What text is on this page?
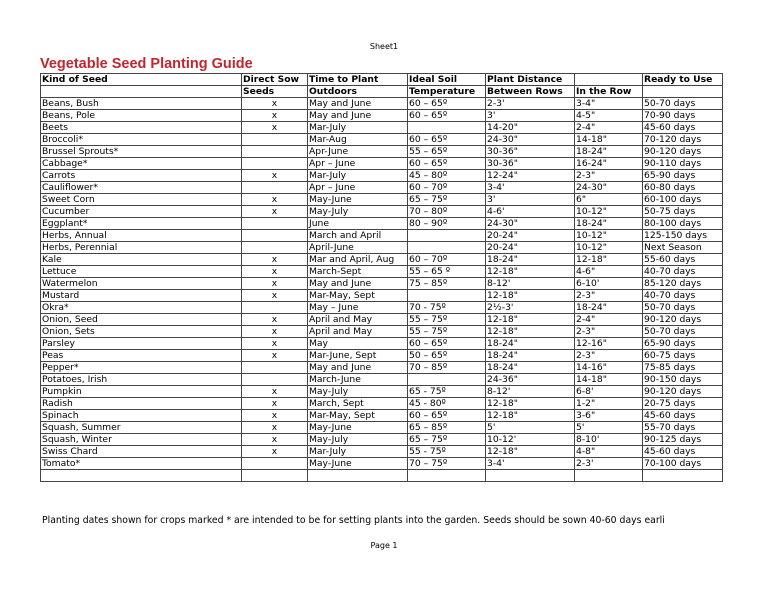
Sheet1
Vegetable Seed Planting Guide
Kind of Seed	Direct Sow	Time to Plant	Ideal Soil	Plant Distance		Ready to Use
	Seeds	Outdoors	Temperature	Between Rows	In the Row	
Beans, Bush	x	May and June	60 – 65º	2-3'	3-4"	50-70 days
Beans, Pole	x	May and June	60 – 65º	3'	4-5"	70-90 days
Beets	x	Mar-July		14-20"	2-4"	45-60 days
Broccoli*		Mar-Aug	60 – 65º	24-30"	14-18"	70-120 days
Brussel Sprouts*		Apr-June	55 – 65º	30-36"	18-24"	90-120 days
Cabbage*		Apr – June	60 – 65º	30-36"	16-24"	90-110 days
Carrots	x	Mar-July	45 – 80º	12-24"	2-3"	65-90 days
Cauliflower*		Apr – June	60 – 70º	3-4'	24-30"	60-80 days
Sweet Corn	x	May-June	65 – 75º	3'	6"	60-100 days
Cucumber	x	May-July	70 – 80º	4-6'	10-12"	50-75 days
Eggplant*		June	80 – 90º	24-30"	18-24"	80-100 days
Herbs, Annual		March and April		20-24"	10-12"	125-150 days
Herbs, Perennial		April-June		20-24"	10-12"	Next Season
Kale	x	Mar and April, Aug	60 – 70º	18-24"	12-18"	55-60 days
Lettuce	x	March-Sept	55 – 65 º	12-18"	4-6"	40-70 days
Watermelon	x	May and June	75 – 85º	8-12'	6-10'	85-120 days
Mustard	x	Mar-May, Sept		12-18"	2-3"	40-70 days
Okra*		May – June	70 - 75º	2½-3'	18-24"	50-70 days
Onion, Seed	x	April and May	55 – 75º	12-18"	2-4"	90-120 days
Onion, Sets	x	April and May	55 – 75º	12-18"	2-3"	50-70 days
Parsley	x	May	60 – 65º	18-24"	12-16"	65-90 days
Peas	x	Mar-June, Sept	50 – 65º	18-24"	2-3"	60-75 days
Pepper*		May and June	70 – 85º	18-24"	14-16"	75-85 days
Potatoes, Irish		March-June		24-36"	14-18"	90-150 days
Pumpkin	x	May-July	65 - 75º	8-12'	6-8'	90-120 days
Radish	x	March, Sept	45 - 80º	12-18"	1-2"	20-75 days
Spinach	x	Mar-May, Sept	60 – 65º	12-18"	3-6"	45-60 days
Squash, Summer	x	May-June	65 – 85º	5'	5'	55-70 days
Squash, Winter	x	May-July	65 – 75º	10-12'	8-10'	90-125 days
Swiss Chard	x	Mar-July	55 - 75º	12-18"	4-8"	45-60 days
Tomato*		May-June	70 – 75º	3-4'	2-3'	70-100 days

Planting dates shown for crops marked * are intended to be for setting plants into the garden. Seeds should be sown 40-60 days earli
Page 1
